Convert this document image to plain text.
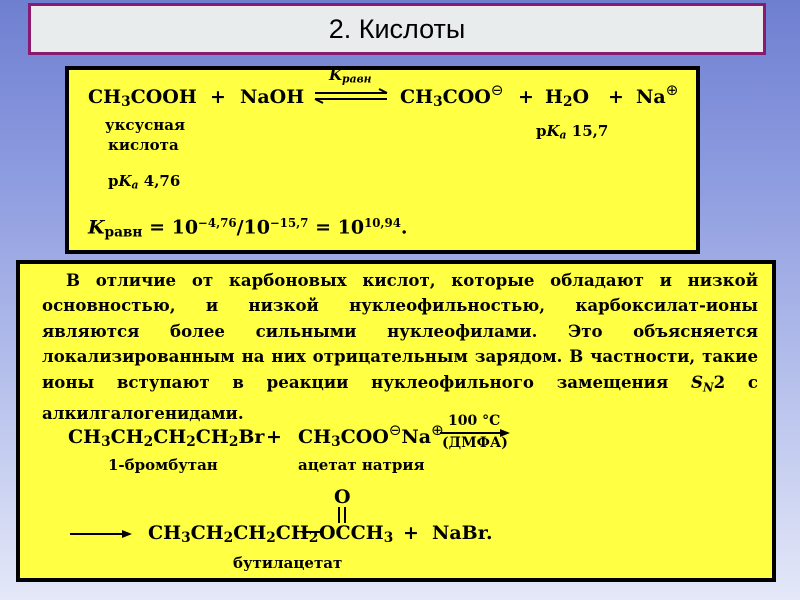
2. Кислоты
$CH_3COOH$ + NaOH
$K_{равн}$
$CH_3COO^⊖ + H_2O + Na^\oplus$
уксусная
кислота
$pK_a$ 4,76
$pK_a$ 15,7
$K_{равн} = 10^{-4,76}/10^{-15,7} = 10^{10,94}$.

В отличие от карбоновых кислот, которые обладают и низкой основностью, и низкой нуклеофильностью, карбоксилат-ионы являются более сильными нуклеофилами. Это объясняется локализированным на них отрицательным зарядом. В частности, такие ионы вступают в реакции нуклеофильного замещения $S_N2$ с алкилгалогенидами.

$CH_3CH_2CH_2CH_2Br + CH_3COO^⊖Na^\oplus$ 100 °C
(ДМФА)
1-бромбутан	ацетат натрия
$CH_3CH_2CH_2CH_2$ $OCCH_3$
O
+ NaBr.
бутилацетат
